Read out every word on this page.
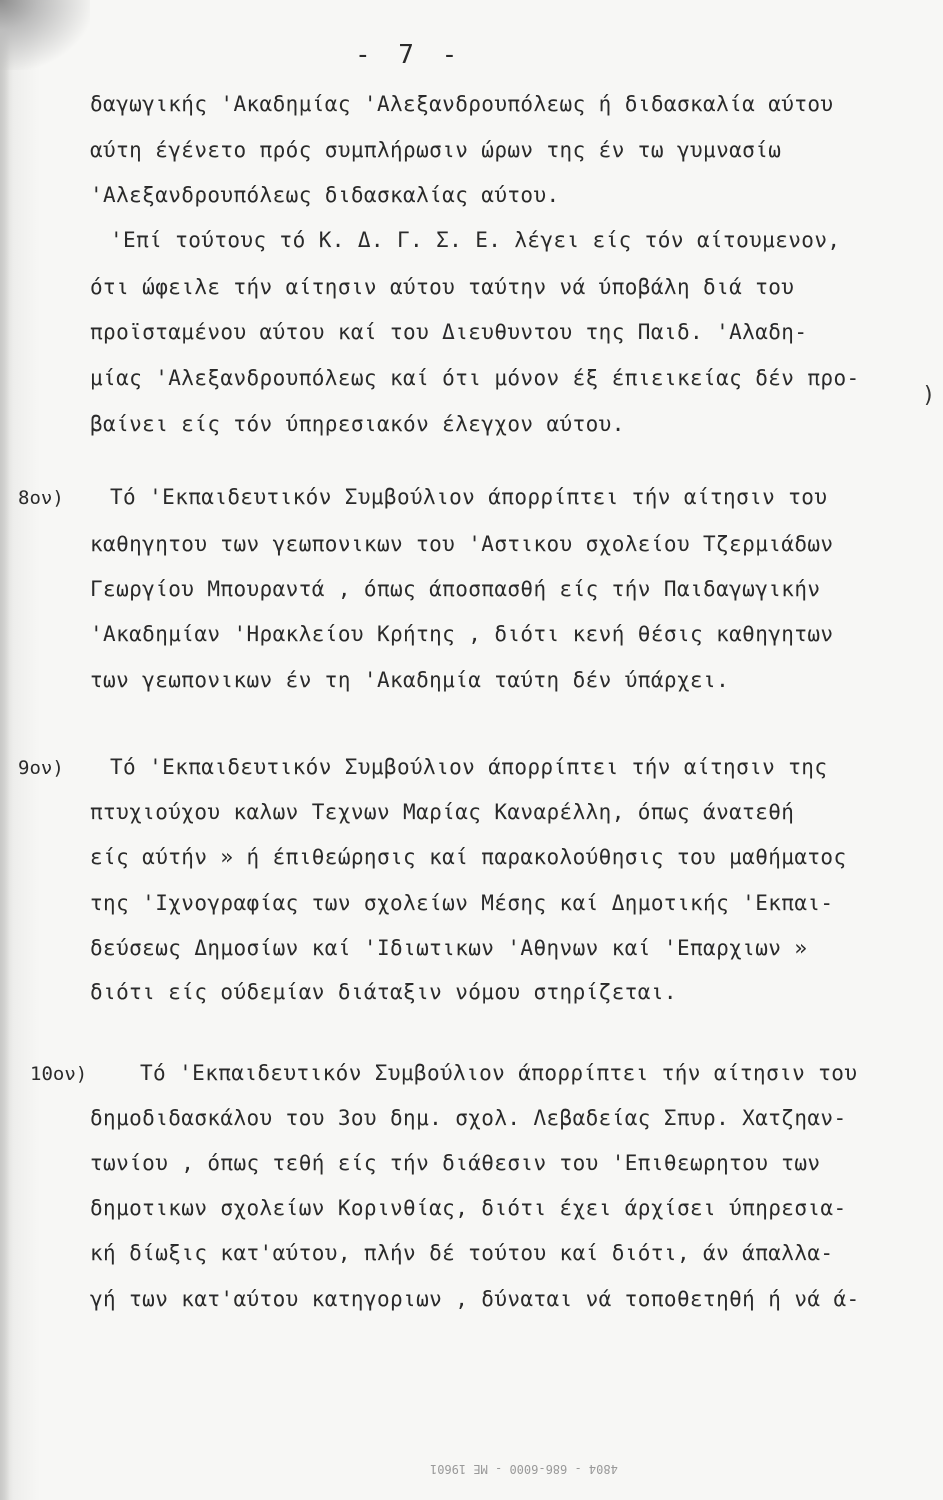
- 7 -
δαγωγικής 'Ακαδημίας 'Αλεξανδρουπόλεως ή διδασκαλία αύτου
αύτη έγένετο πρός συμπλήρωσιν ώρων της έν τω γυμνασίω
'Αλεξανδρουπόλεως διδασκαλίας αύτου.
'Επί τούτους τό Κ. Δ. Γ. Σ. Ε. λέγει είς τόν αίτουμενον,
ότι ώφειλε τήν αίτησιν αύτου ταύτην νά ύποβάλη διά του
προϊσταμένου αύτου καί του Διευθυντου της Παιδ. 'Αλαδη-
μίας 'Αλεξανδρουπόλεως καί ότι μόνον έξ έπιεικείας δέν προ-
βαίνει είς τόν ύπηρεσιακόν έλεγχον αύτου.
)
8ον) Τό 'Εκπαιδευτικόν Συμβούλιον άπορρίπτει τήν αίτησιν του
καθηγητου των γεωπονικων του 'Αστικου σχολείου Τζερμιάδων
Γεωργίου Μπουραντά , όπως άποσπασθή είς τήν Παιδαγωγικήν
'Ακαδημίαν 'Ηρακλείου Κρήτης , διότι κενή θέσις καθηγητων
των γεωπονικων έν τη 'Ακαδημία ταύτη δέν ύπάρχει.
9ον) Τό 'Εκπαιδευτικόν Συμβούλιον άπορρίπτει τήν αίτησιν της
πτυχιούχου καλων Τεχνων Μαρίας Καναρέλλη, όπως άνατεθή
είς αύτήν » ή έπιθεώρησις καί παρακολούθησις του μαθήματος
της 'Ιχνογραφίας των σχολείων Μέσης καί Δημοτικής 'Εκπαι-
δεύσεως Δημοσίων καί 'Ιδιωτικων 'Αθηνων καί 'Επαρχιων »
διότι είς ούδεμίαν διάταξιν νόμου στηρίζεται.
10ον)	Τό 'Εκπαιδευτικόν Συμβούλιον άπορρίπτει τήν αίτησιν του
δημοδιδασκάλου του 3ου δημ. σχολ. Λεβαδείας Σπυρ. Χατζηαν-
τωνίου , όπως τεθή είς τήν διάθεσιν του 'Επιθεωρητου των
δημοτικων σχολείων Κορινθίας, διότι έχει άρχίσει ύπηρεσια-
κή δίωξις κατ'αύτου, πλήν δέ τούτου καί διότι, άν άπαλλα-
γή των κατ'αύτου κατηγοριων , δύναται νά τοποθετηθή ή νά ά-
4804 - 686-6000 - ΜΕ 19601
